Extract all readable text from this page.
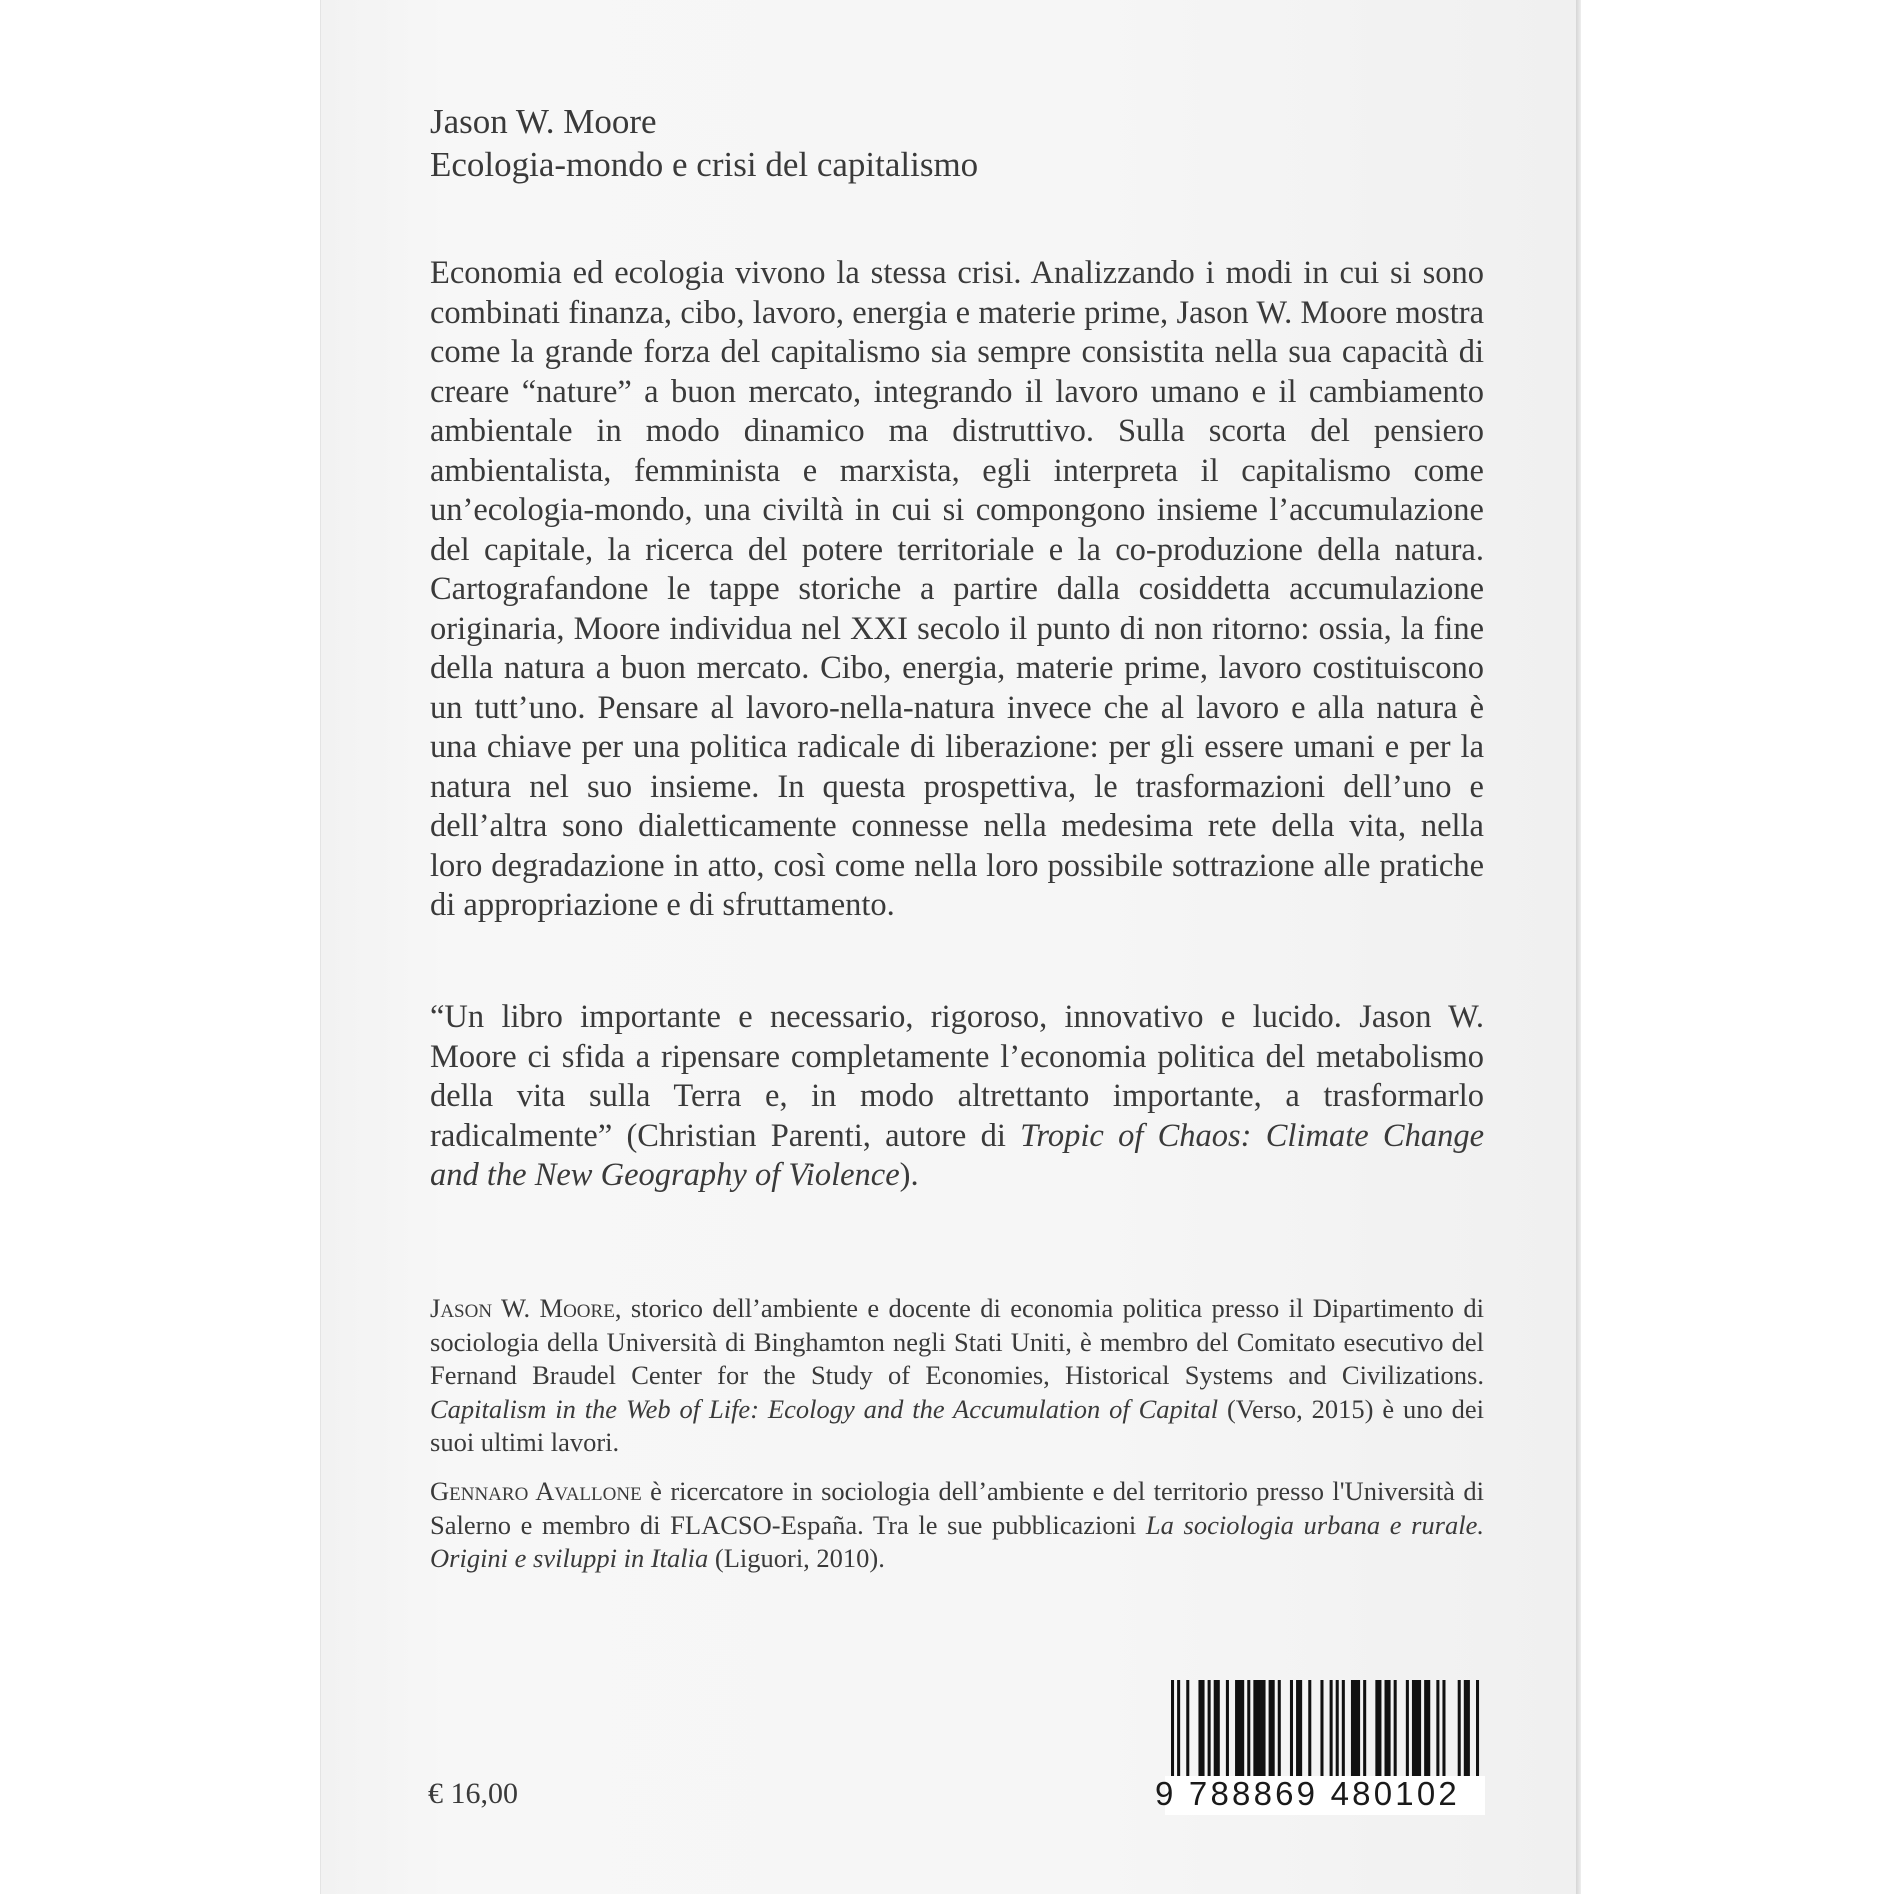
Jason W. Moore
Ecologia-mondo e crisi del capitalismo
Economia ed ecologia vivono la stessa crisi. Analizzando i modi in cui si sono combinati finanza, cibo, lavoro, energia e materie prime, Jason W. Moore mostra come la grande forza del capitalismo sia sempre consistita nella sua capacità di creare “nature” a buon mercato, integrando il lavoro umano e il cambiamento ambientale in modo dinamico ma distruttivo. Sulla scorta del pensiero ambientalista, femminista e marxista, egli interpreta il capitalismo come un’ecologia-mondo, una civiltà in cui si compongono insieme l’accumulazione del capitale, la ricerca del potere territoriale e la co-produzione della natura. Cartografandone le tappe storiche a partire dalla cosiddetta accumulazione originaria, Moore individua nel XXI secolo il punto di non ritorno: ossia, la fine della natura a buon mercato. Cibo, energia, materie prime, lavoro costituiscono un tutt’uno. Pensare al lavoro-nella-natura invece che al lavoro e alla natura è una chiave per una politica radicale di liberazione: per gli essere umani e per la natura nel suo insieme. In questa prospettiva, le trasformazioni dell’uno e dell’altra sono dialetticamente connesse nella medesima rete della vita, nella loro degradazione in atto, così come nella loro possibile sottrazione alle pratiche di appropriazione e di sfruttamento.
“Un libro importante e necessario, rigoroso, innovativo e lucido. Jason W. Moore ci sfida a ripensare completamente l’economia politica del metabolismo della vita sulla Terra e, in modo altrettanto importante, a trasformarlo radicalmente” (Christian Parenti, autore di Tropic of Chaos: Climate Change and the New Geography of Violence).
Jason W. Moore, storico dell’ambiente e docente di economia politica presso il Dipartimento di sociologia della Università di Binghamton negli Stati Uniti, è membro del Comitato esecutivo del Fernand Braudel Center for the Study of Economies, Historical Systems and Civilizations. Capitalism in the Web of Life: Ecology and the Accumulation of Capital (Verso, 2015) è uno dei suoi ultimi lavori.
Gennaro Avallone è ricercatore in sociologia dell’ambiente e del territorio presso l'Università di Salerno e membro di FLACSO-España. Tra le sue pubblicazioni La sociologia urbana e rurale. Origini e sviluppi in Italia (Liguori, 2010).
€ 16,00	9 788869 480102
